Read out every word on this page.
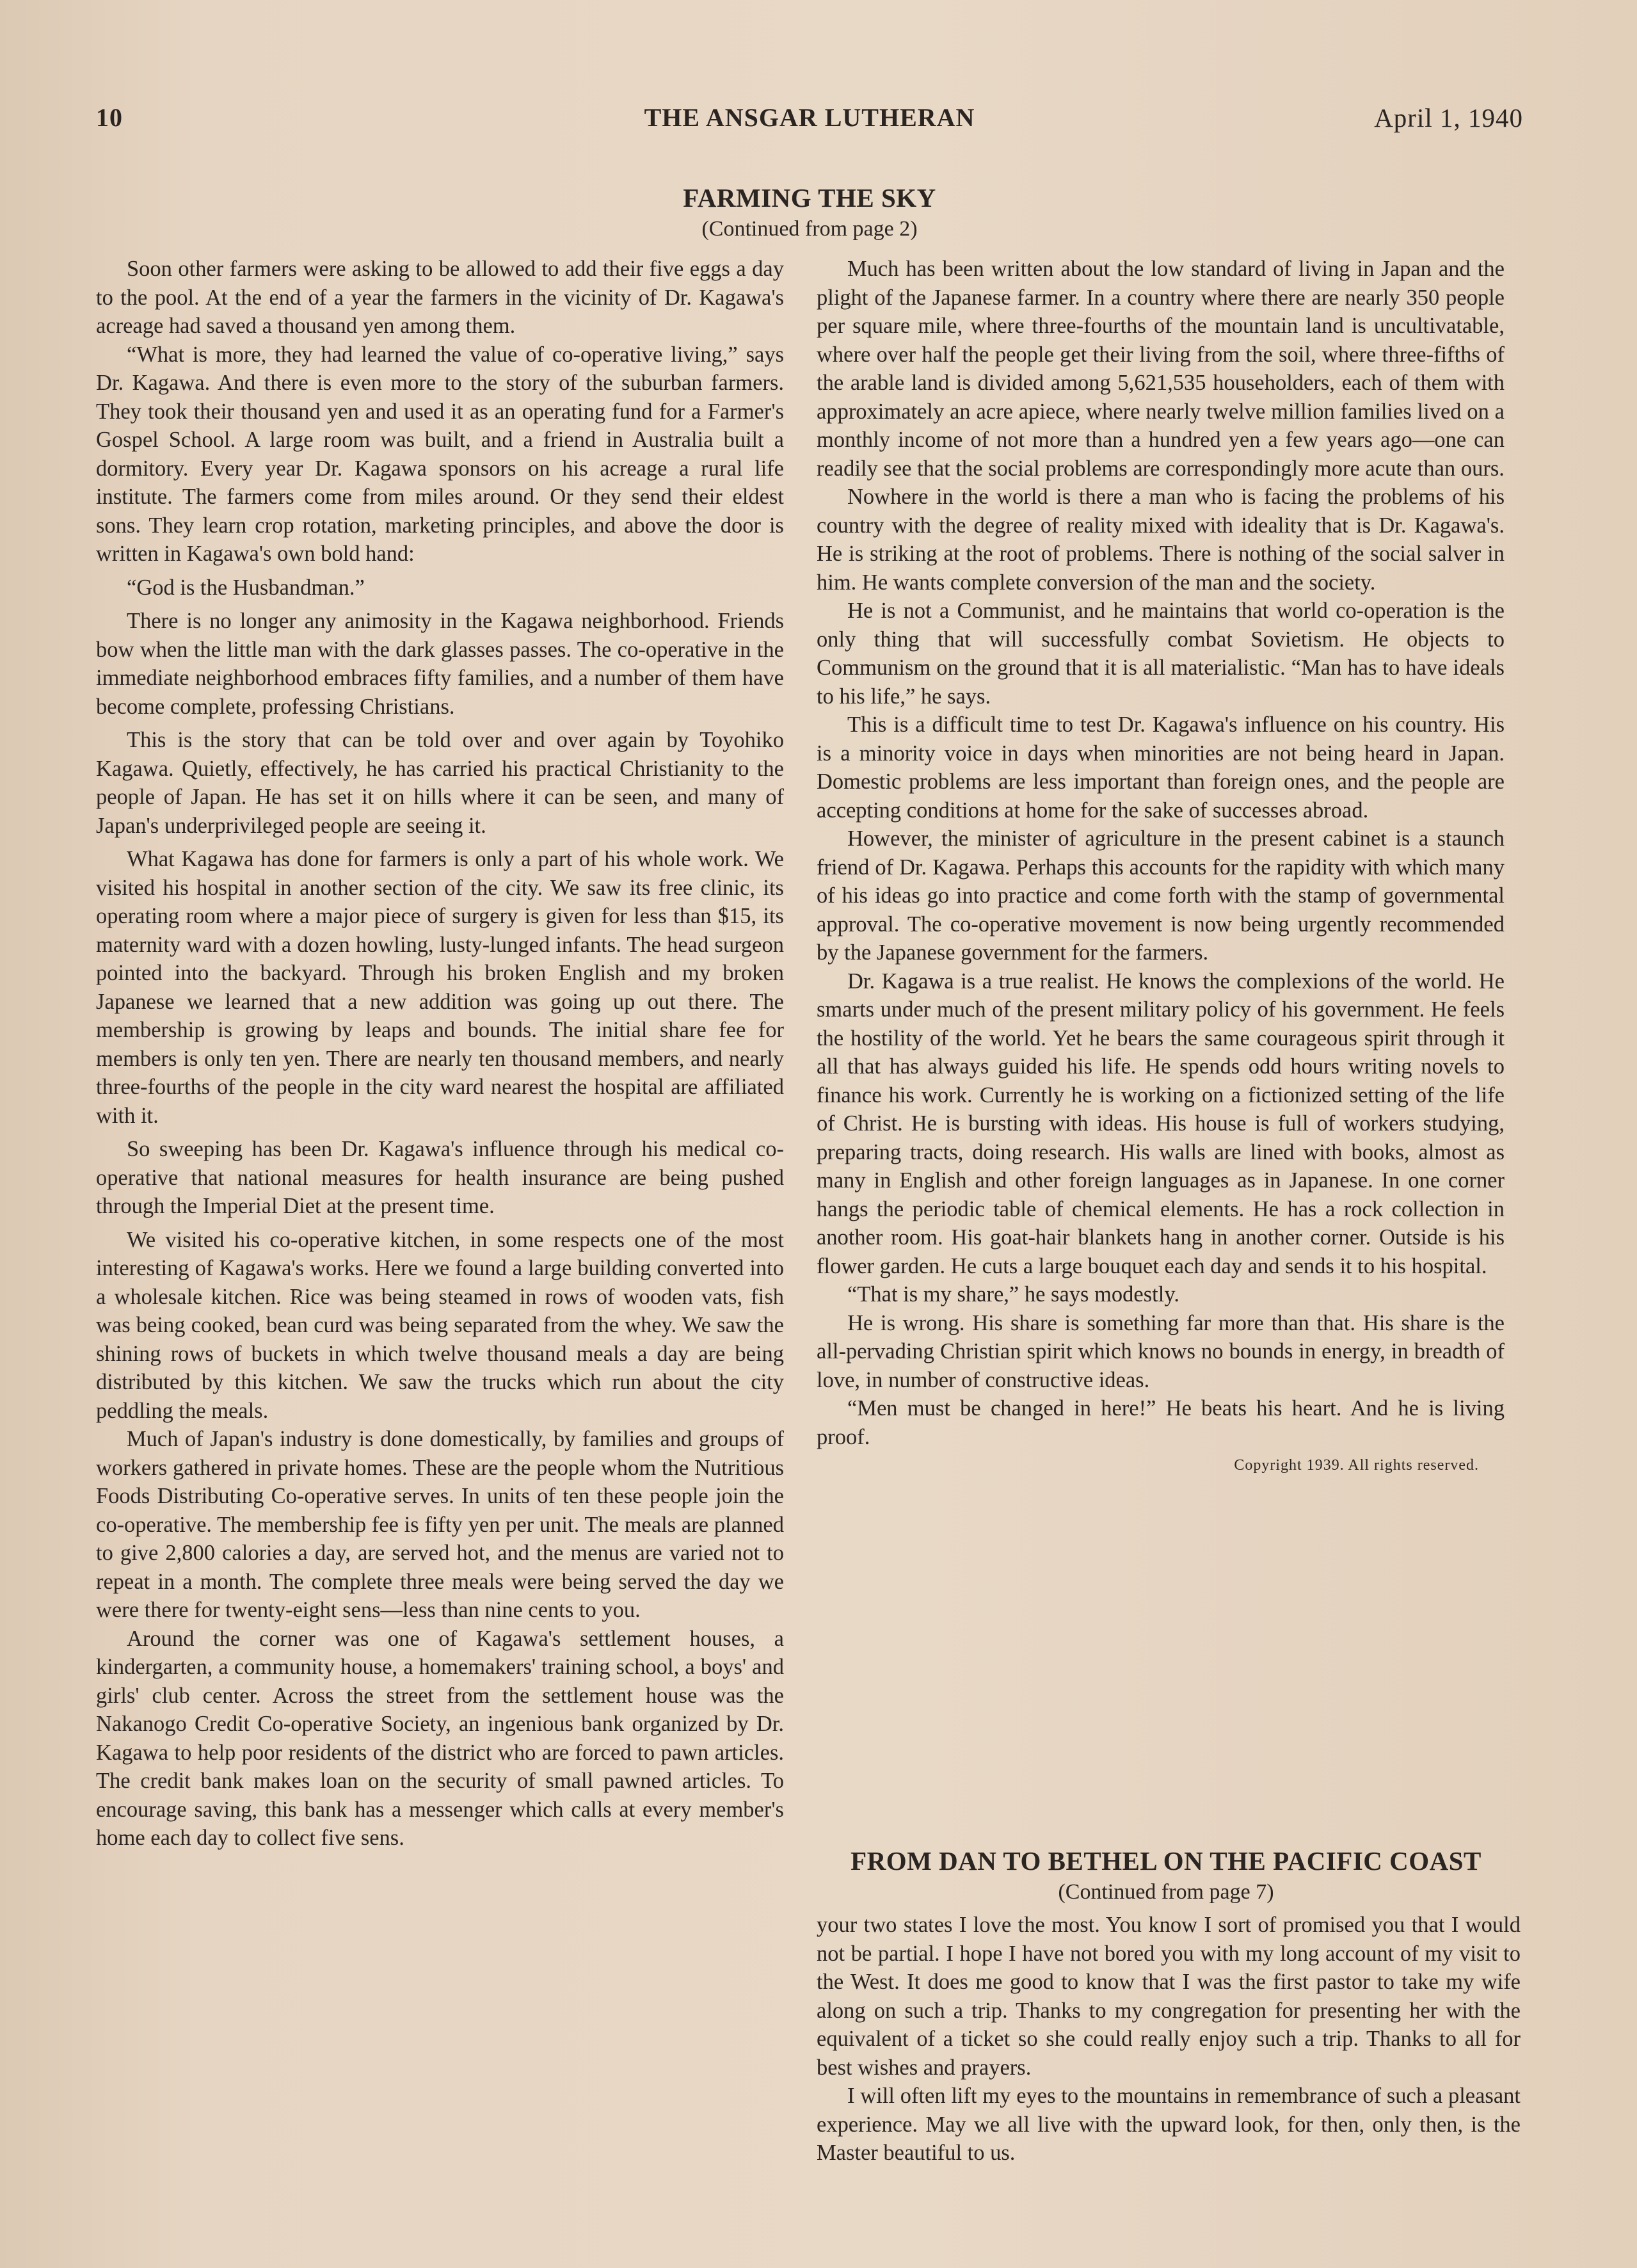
10	THE ANSGAR LUTHERAN	April 1, 1940
FARMING THE SKY
(Continued from page 2)

Soon other farmers were asking to be allowed to add their five eggs a day to the pool. At the end of a year the farmers in the vicinity of Dr. Kagawa's acreage had saved a thousand yen among them.

“What is more, they had learned the value of co-operative living,” says Dr. Kagawa. And there is even more to the story of the suburban farmers. They took their thousand yen and used it as an operating fund for a Farmer's Gospel School. A large room was built, and a friend in Australia built a dormitory. Every year Dr. Kagawa sponsors on his acreage a rural life institute. The farmers come from miles around. Or they send their eldest sons. They learn crop rotation, marketing principles, and above the door is written in Kagawa's own bold hand:

“God is the Husbandman.”

There is no longer any animosity in the Kagawa neighborhood. Friends bow when the little man with the dark glasses passes. The co-operative in the immediate neighborhood embraces fifty families, and a number of them have become complete, professing Christians.

This is the story that can be told over and over again by Toyohiko Kagawa. Quietly, effectively, he has carried his practical Christianity to the people of Japan. He has set it on hills where it can be seen, and many of Japan's underprivileged people are seeing it.

What Kagawa has done for farmers is only a part of his whole work. We visited his hospital in another section of the city. We saw its free clinic, its operating room where a major piece of surgery is given for less than $15, its maternity ward with a dozen howling, lusty-lunged infants. The head surgeon pointed into the backyard. Through his broken English and my broken Japanese we learned that a new addition was going up out there. The membership is growing by leaps and bounds. The initial share fee for members is only ten yen. There are nearly ten thousand members, and nearly three-fourths of the people in the city ward nearest the hospital are affiliated with it.

So sweeping has been Dr. Kagawa's influence through his medical co-operative that national measures for health insurance are being pushed through the Imperial Diet at the present time.

We visited his co-operative kitchen, in some respects one of the most interesting of Kagawa's works. Here we found a large building converted into a wholesale kitchen. Rice was being steamed in rows of wooden vats, fish was being cooked, bean curd was being separated from the whey. We saw the shining rows of buckets in which twelve thousand meals a day are being distributed by this kitchen. We saw the trucks which run about the city peddling the meals.

Much of Japan's industry is done domestically, by families and groups of workers gathered in private homes. These are the people whom the Nutritious Foods Distributing Co-operative serves. In units of ten these people join the co-operative. The membership fee is fifty yen per unit. The meals are planned to give 2,800 calories a day, are served hot, and the menus are varied not to repeat in a month. The complete three meals were being served the day we were there for twenty-eight sens—less than nine cents to you.

Around the corner was one of Kagawa's settlement houses, a kindergarten, a community house, a homemakers' training school, a boys' and girls' club center. Across the street from the settlement house was the Nakanogo Credit Co-operative Society, an ingenious bank organized by Dr. Kagawa to help poor residents of the district who are forced to pawn articles. The credit bank makes loan on the security of small pawned articles. To encourage saving, this bank has a messenger which calls at every member's home each day to collect five sens.

Much has been written about the low standard of living in Japan and the plight of the Japanese farmer. In a country where there are nearly 350 people per square mile, where three-fourths of the mountain land is uncultivatable, where over half the people get their living from the soil, where three-fifths of the arable land is divided among 5,621,535 householders, each of them with approximately an acre apiece, where nearly twelve million families lived on a monthly income of not more than a hundred yen a few years ago—one can readily see that the social problems are correspondingly more acute than ours.

Nowhere in the world is there a man who is facing the problems of his country with the degree of reality mixed with ideality that is Dr. Kagawa's. He is striking at the root of problems. There is nothing of the social salver in him. He wants complete conversion of the man and the society.

He is not a Communist, and he maintains that world co-operation is the only thing that will successfully combat Sovietism. He objects to Communism on the ground that it is all materialistic. “Man has to have ideals to his life,” he says.

This is a difficult time to test Dr. Kagawa's influence on his country. His is a minority voice in days when minorities are not being heard in Japan. Domestic problems are less important than foreign ones, and the people are accepting conditions at home for the sake of successes abroad.

However, the minister of agriculture in the present cabinet is a staunch friend of Dr. Kagawa. Perhaps this accounts for the rapidity with which many of his ideas go into practice and come forth with the stamp of governmental approval. The co-operative movement is now being urgently recommended by the Japanese government for the farmers.

Dr. Kagawa is a true realist. He knows the complexions of the world. He smarts under much of the present military policy of his government. He feels the hostility of the world. Yet he bears the same courageous spirit through it all that has always guided his life. He spends odd hours writing novels to finance his work. Currently he is working on a fictionized setting of the life of Christ. He is bursting with ideas. His house is full of workers studying, preparing tracts, doing research. His walls are lined with books, almost as many in English and other foreign languages as in Japanese. In one corner hangs the periodic table of chemical elements. He has a rock collection in another room. His goat-hair blankets hang in another corner. Outside is his flower garden. He cuts a large bouquet each day and sends it to his hospital.

“That is my share,” he says modestly.

He is wrong. His share is something far more than that. His share is the all-pervading Christian spirit which knows no bounds in energy, in breadth of love, in number of constructive ideas.

“Men must be changed in here!” He beats his heart. And he is living proof.

Copyright 1939. All rights reserved.

FROM DAN TO BETHEL ON THE PACIFIC COAST
(Continued from page 7)

your two states I love the most. You know I sort of promised you that I would not be partial. I hope I have not bored you with my long account of my visit to the West. It does me good to know that I was the first pastor to take my wife along on such a trip. Thanks to my congregation for presenting her with the equivalent of a ticket so she could really enjoy such a trip. Thanks to all for best wishes and prayers.

I will often lift my eyes to the mountains in remembrance of such a pleasant experience. May we all live with the upward look, for then, only then, is the Master beautiful to us.
